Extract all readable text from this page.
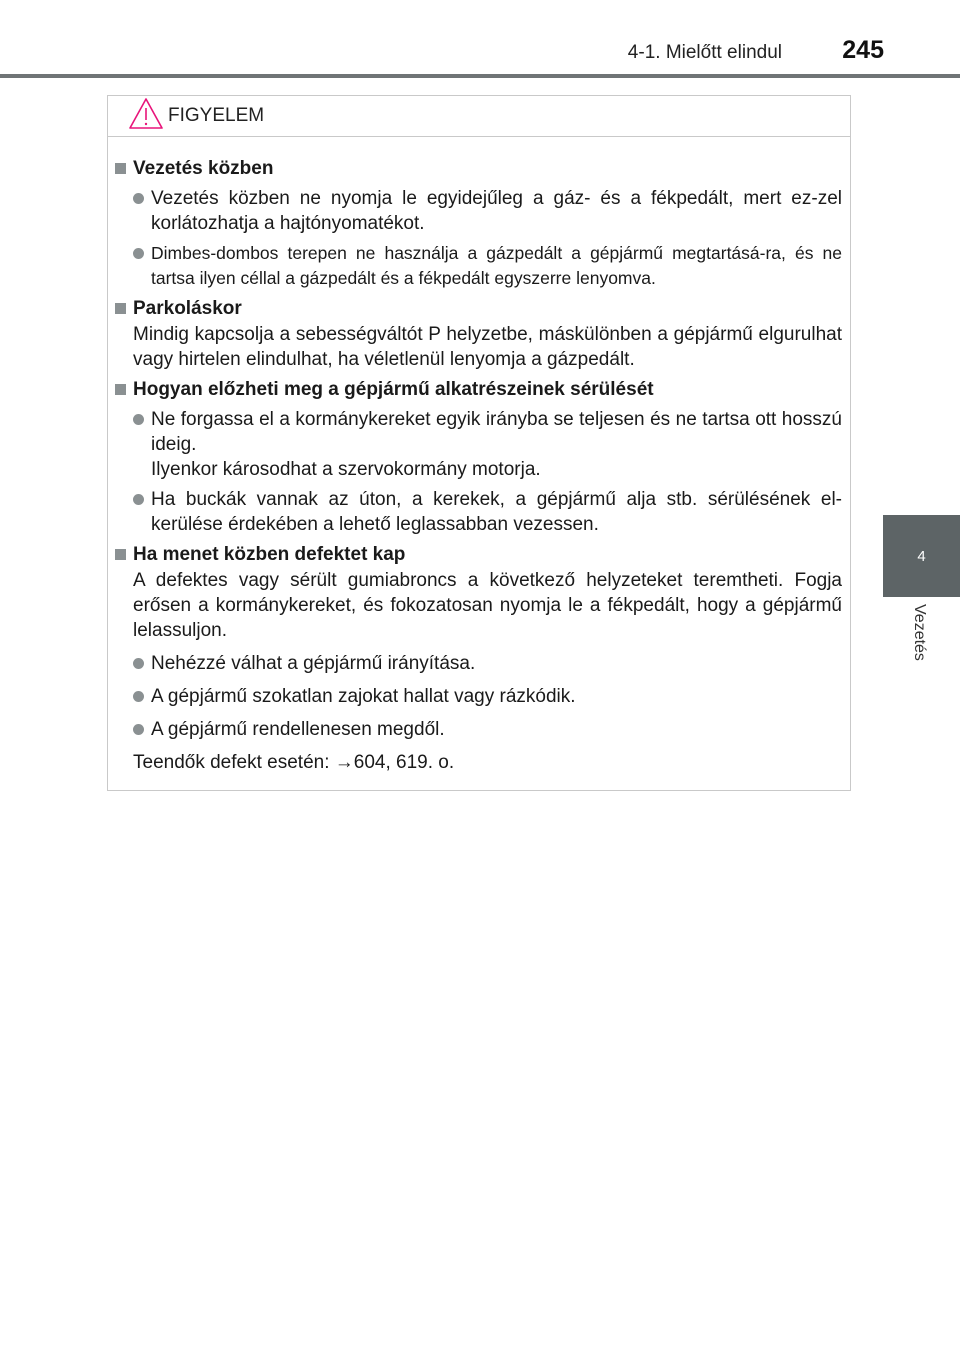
4-1. Mielőtt elindul 245
4
Vezetés
FIGYELEM
Vezetés közben
Vezetés közben ne nyomja le egyidejűleg a gáz- és a fékpedált, mert ez-zel korlátozhatja a hajtónyomatékot.
Dimbes-dombos terepen ne használja a gázpedált a gépjármű megtartásá-ra, és ne tartsa ilyen céllal a gázpedált és a fékpedált egyszerre lenyomva.
Parkoláskor
Mindig kapcsolja a sebességváltót P helyzetbe, máskülönben a gépjármű elgurulhat vagy hirtelen elindulhat, ha véletlenül lenyomja a gázpedált.
Hogyan előzheti meg a gépjármű alkatrészeinek sérülését
Ne forgassa el a kormánykereket egyik irányba se teljesen és ne tartsa ott hosszú ideig.
Ilyenkor károsodhat a szervokormány motorja.
Ha buckák vannak az úton, a kerekek, a gépjármű alja stb. sérülésének el-kerülése érdekében a lehető leglassabban vezessen.
Ha menet közben defektet kap
A defektes vagy sérült gumiabroncs a következő helyzeteket teremtheti. Fogja erősen a kormánykereket, és fokozatosan nyomja le a fékpedált, hogy a gépjármű lelassuljon.
Nehézzé válhat a gépjármű irányítása.
A gépjármű szokatlan zajokat hallat vagy rázkódik.
A gépjármű rendellenesen megdől.
Teendők defekt esetén: →604, 619. o.
